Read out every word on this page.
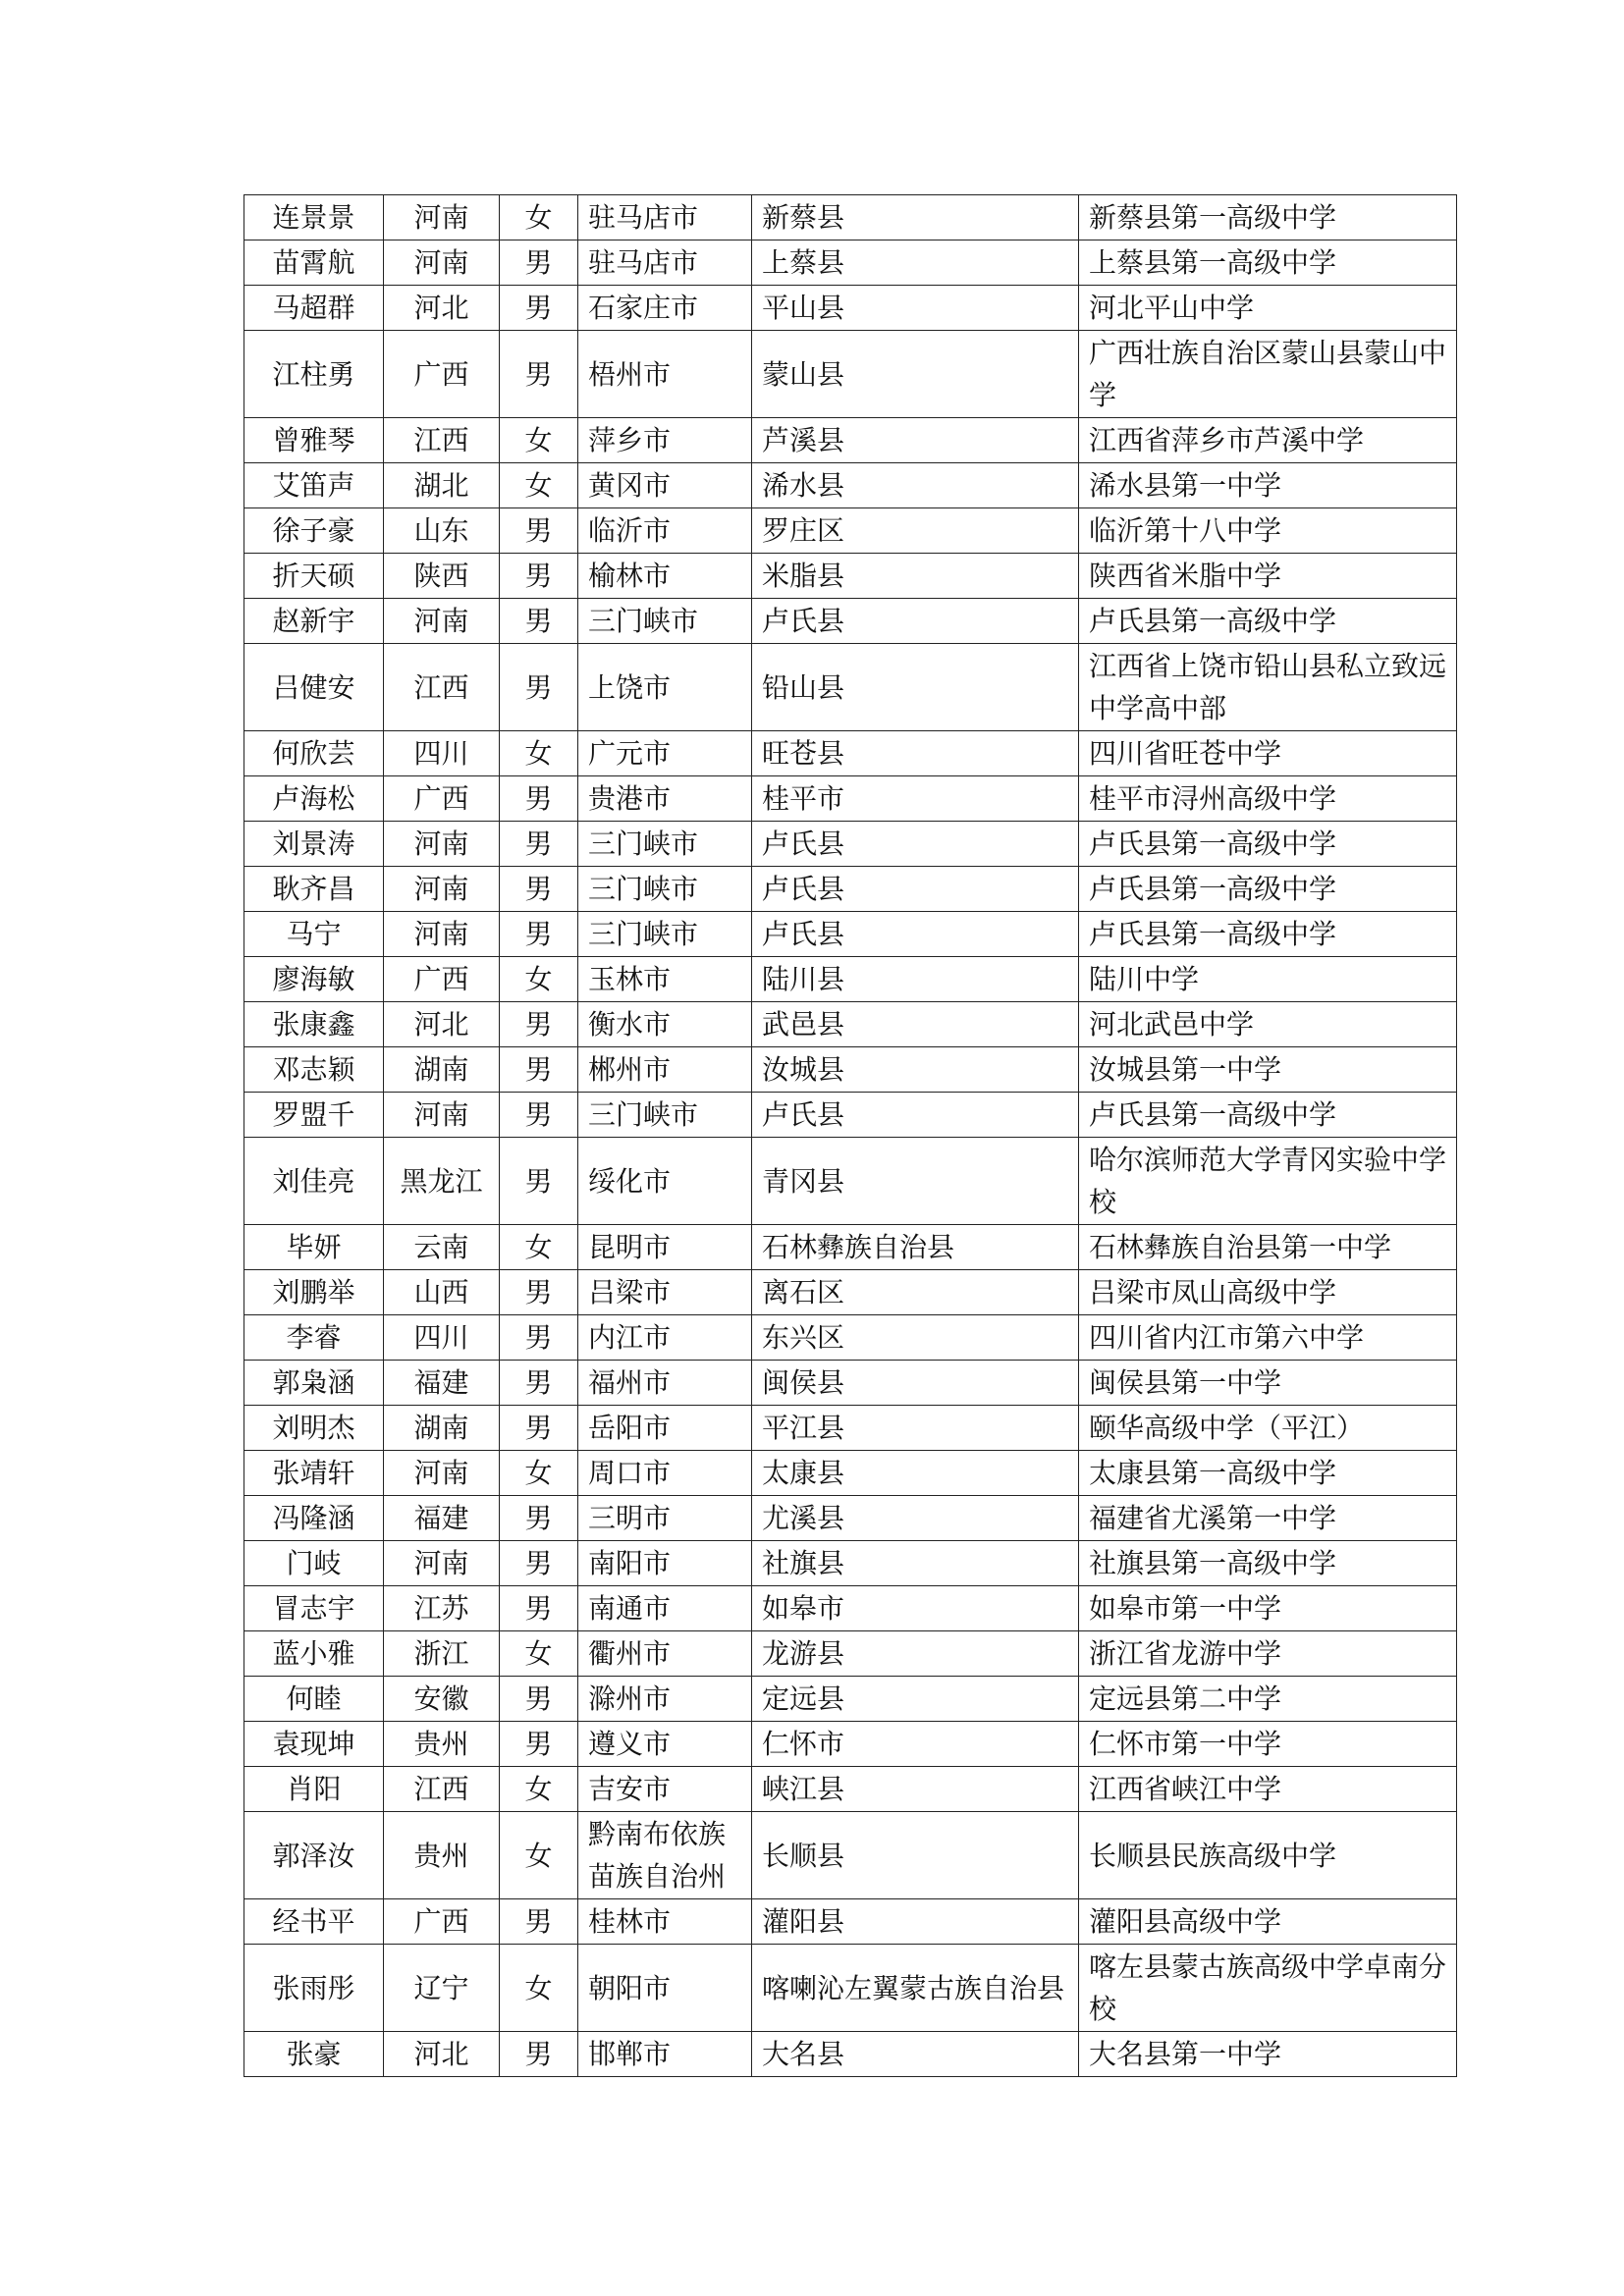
连景景	河南	女	驻马店市	新蔡县	新蔡县第一高级中学
苗霄航	河南	男	驻马店市	上蔡县	上蔡县第一高级中学
马超群	河北	男	石家庄市	平山县	河北平山中学
江柱勇	广西	男	梧州市	蒙山县	广西壮族自治区蒙山县蒙山中学
曾雅琴	江西	女	萍乡市	芦溪县	江西省萍乡市芦溪中学
艾笛声	湖北	女	黄冈市	浠水县	浠水县第一中学
徐子豪	山东	男	临沂市	罗庄区	临沂第十八中学
折天硕	陕西	男	榆林市	米脂县	陕西省米脂中学
赵新宇	河南	男	三门峡市	卢氏县	卢氏县第一高级中学
吕健安	江西	男	上饶市	铅山县	江西省上饶市铅山县私立致远中学高中部
何欣芸	四川	女	广元市	旺苍县	四川省旺苍中学
卢海松	广西	男	贵港市	桂平市	桂平市浔州高级中学
刘景涛	河南	男	三门峡市	卢氏县	卢氏县第一高级中学
耿齐昌	河南	男	三门峡市	卢氏县	卢氏县第一高级中学
马宁	河南	男	三门峡市	卢氏县	卢氏县第一高级中学
廖海敏	广西	女	玉林市	陆川县	陆川中学
张康鑫	河北	男	衡水市	武邑县	河北武邑中学
邓志颖	湖南	男	郴州市	汝城县	汝城县第一中学
罗盟千	河南	男	三门峡市	卢氏县	卢氏县第一高级中学
刘佳亮	黑龙江	男	绥化市	青冈县	哈尔滨师范大学青冈实验中学校
毕妍	云南	女	昆明市	石林彝族自治县	石林彝族自治县第一中学
刘鹏举	山西	男	吕梁市	离石区	吕梁市凤山高级中学
李睿	四川	男	内江市	东兴区	四川省内江市第六中学
郭枭涵	福建	男	福州市	闽侯县	闽侯县第一中学
刘明杰	湖南	男	岳阳市	平江县	颐华高级中学（平江）
张靖轩	河南	女	周口市	太康县	太康县第一高级中学
冯隆涵	福建	男	三明市	尤溪县	福建省尤溪第一中学
门岐	河南	男	南阳市	社旗县	社旗县第一高级中学
冒志宇	江苏	男	南通市	如皋市	如皋市第一中学
蓝小雅	浙江	女	衢州市	龙游县	浙江省龙游中学
何睦	安徽	男	滁州市	定远县	定远县第二中学
袁现坤	贵州	男	遵义市	仁怀市	仁怀市第一中学
肖阳	江西	女	吉安市	峡江县	江西省峡江中学
郭泽汝	贵州	女	黔南布依族苗族自治州	长顺县	长顺县民族高级中学
经书平	广西	男	桂林市	灌阳县	灌阳县高级中学
张雨彤	辽宁	女	朝阳市	喀喇沁左翼蒙古族自治县	喀左县蒙古族高级中学卓南分校
张豪	河北	男	邯郸市	大名县	大名县第一中学
